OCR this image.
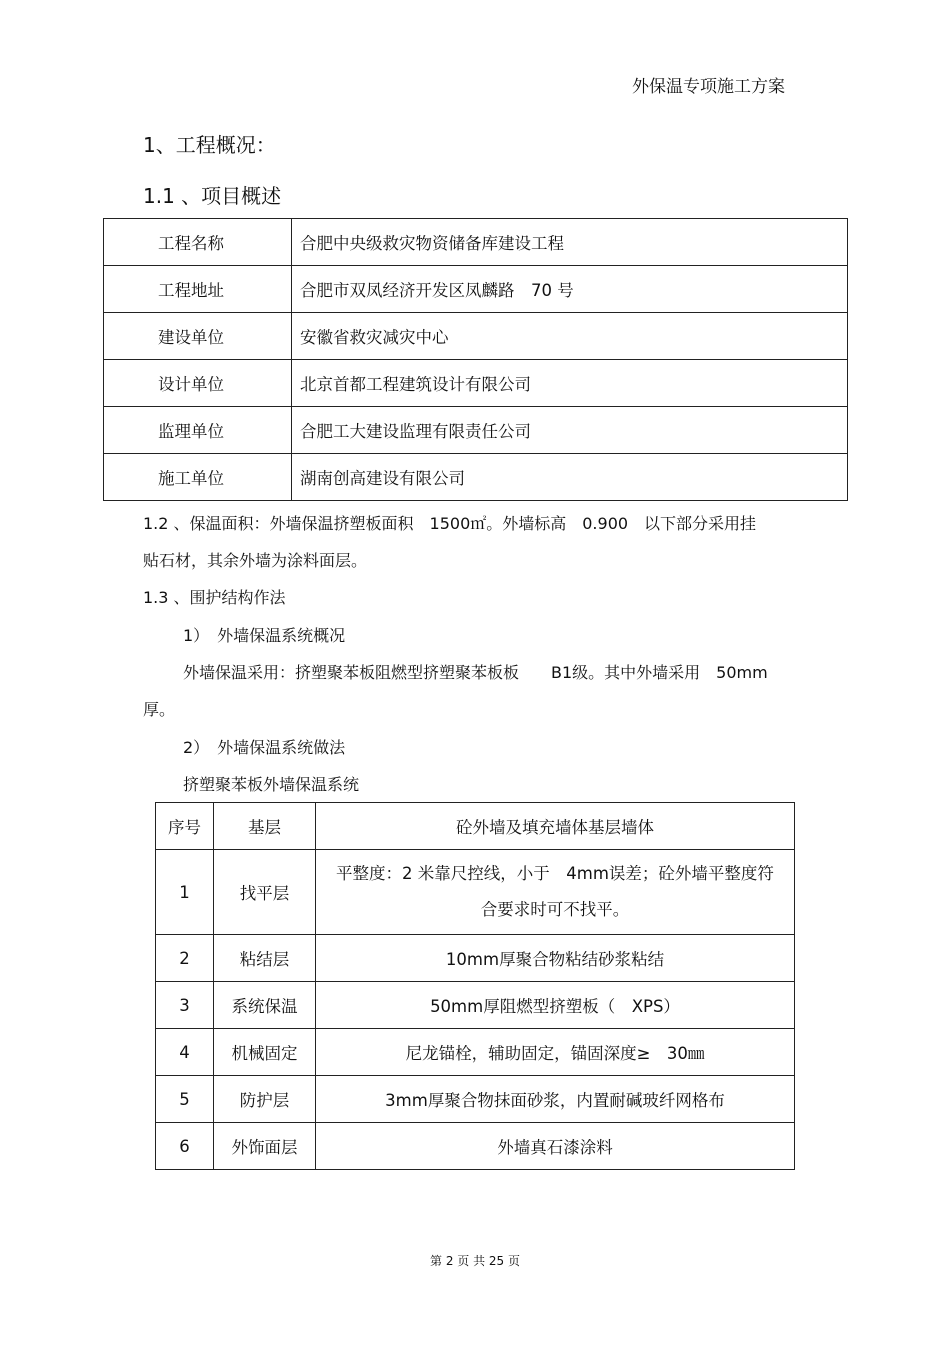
外保温专项施工方案
1、工程概况：
1.1 、项目概述
工程名称	合肥中央级救灾物资储备库建设工程
工程地址	合肥市双凤经济开发区凤麟路　70 号
建设单位	安徽省救灾减灾中心
设计单位	北京首都工程建筑设计有限公司
监理单位	合肥工大建设监理有限责任公司
施工单位	湖南创高建设有限公司
1.2 、保温面积：外墙保温挤塑板面积　1500㎡。外墙标高　0.900　以下部分采用挂
贴石材，其余外墙为涂料面层。
1.3 、围护结构作法
1）　外墙保温系统概况
外墙保温采用：挤塑聚苯板阻燃型挤塑聚苯板板　　B1级。其中外墙采用　50mm
厚。
2）　外墙保温系统做法
挤塑聚苯板外墙保温系统
序号	基层	砼外墙及填充墙体基层墙体
1	找平层	平整度：2 米靠尺控线，小于　4mm误差；砼外墙平整度符
合要求时可不找平。

2	粘结层	10mm厚聚合物粘结砂浆粘结
3	系统保温	50mm厚阻燃型挤塑板（　XPS）
4	机械固定	尼龙锚栓，辅助固定，锚固深度≥　30㎜
5	防护层	3mm厚聚合物抹面砂浆，内置耐碱玻纤网格布
6	外饰面层	外墙真石漆涂料
第 2 页 共 25 页
